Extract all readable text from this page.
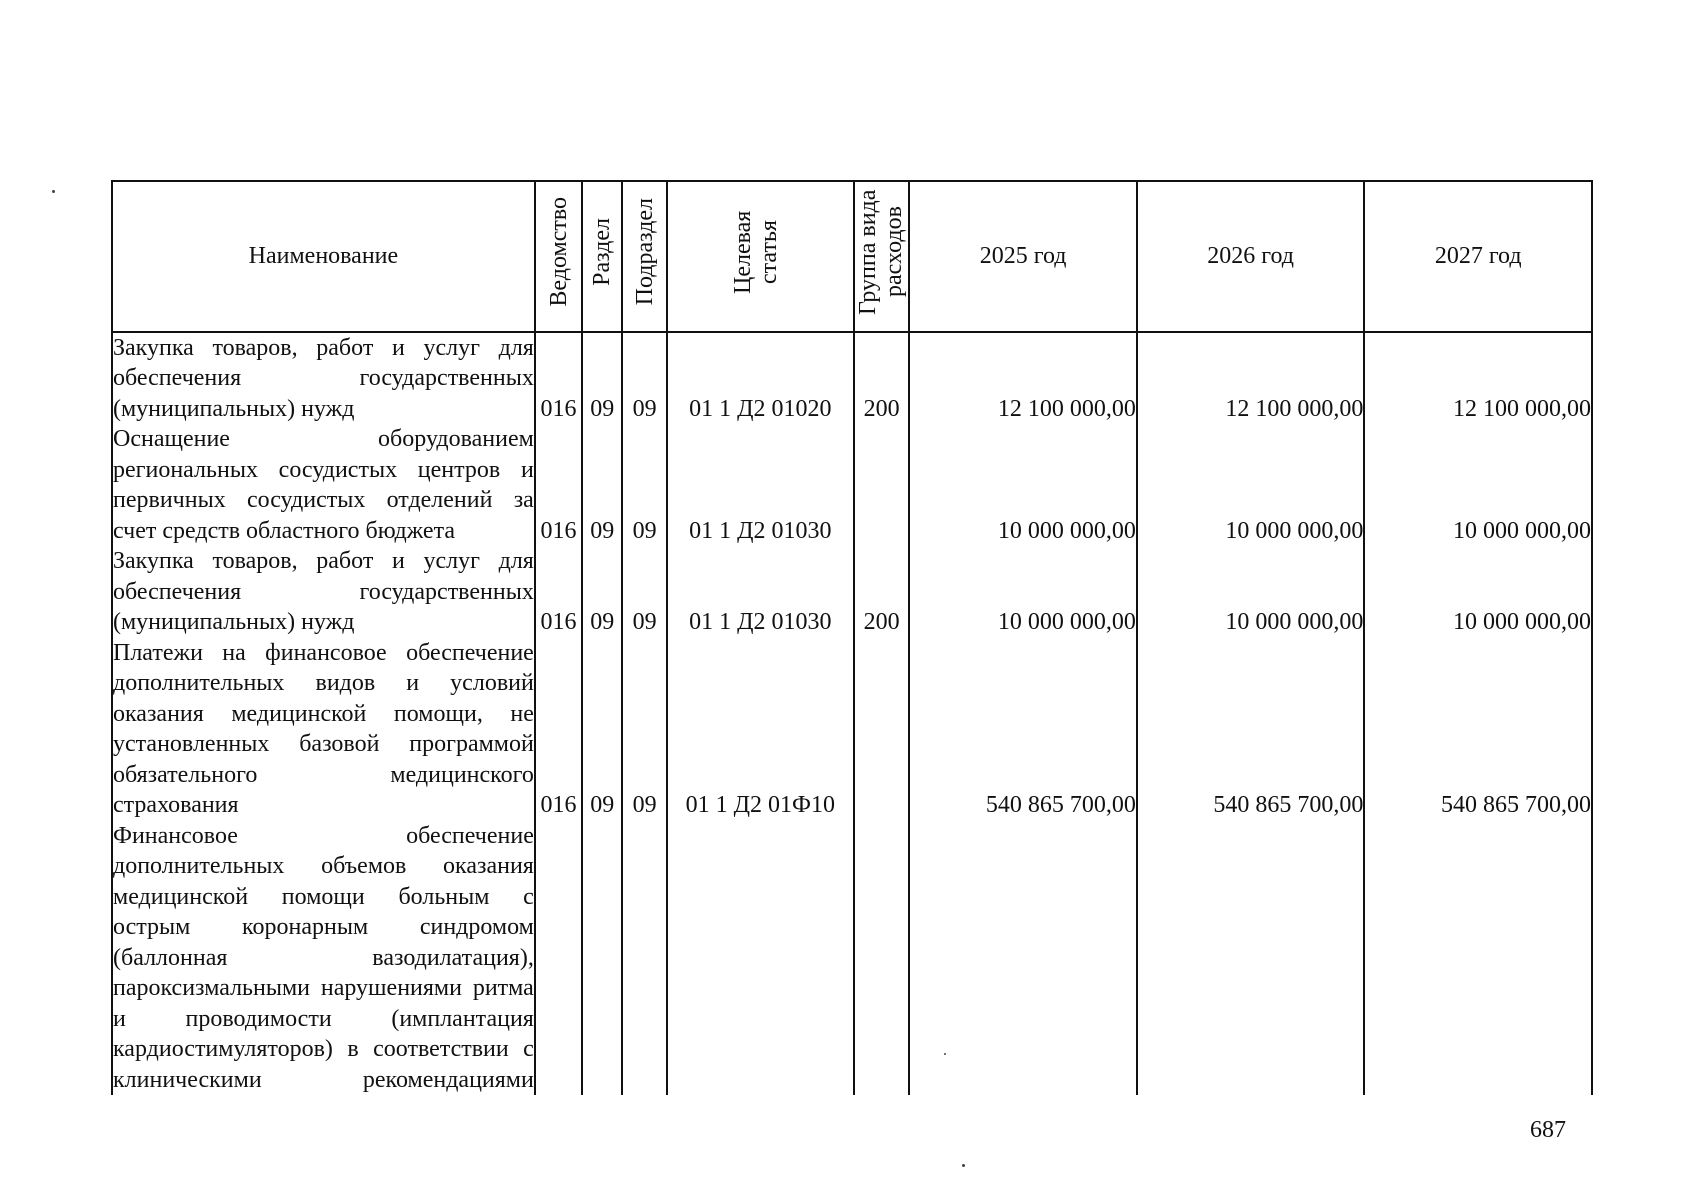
Наименование	Ведомство	Раздел	Подраздел	Целевая статья	Группа вида расходов	2025 год	2026 год	2027 год
Закупка товаров, работ и услуг для обеспечения государственных (муниципальных) нужд	016	09	09	01 1 Д2 01020	200	12 100 000,00	12 100 000,00	12 100 000,00
Оснащение оборудованием региональных сосудистых центров и первичных сосудистых отделений за счет средств областного бюджета	016	09	09	01 1 Д2 01030		10 000 000,00	10 000 000,00	10 000 000,00
Закупка товаров, работ и услуг для обеспечения государственных (муниципальных) нужд	016	09	09	01 1 Д2 01030	200	10 000 000,00	10 000 000,00	10 000 000,00
Платежи на финансовое обеспечение дополнительных видов и условий оказания медицинской помощи, не установленных базовой программой обязательного медицинского страхования	016	09	09	01 1 Д2 01Ф10		540 865 700,00	540 865 700,00	540 865 700,00
Финансовое обеспечение дополнительных объемов оказания медицинской помощи больным с острым коронарным синдромом (баллонная вазодилатация), пароксизмальными нарушениями ритма и проводимости (имплантация кардиостимуляторов) в соответствии с клиническими рекомендациями								
687
